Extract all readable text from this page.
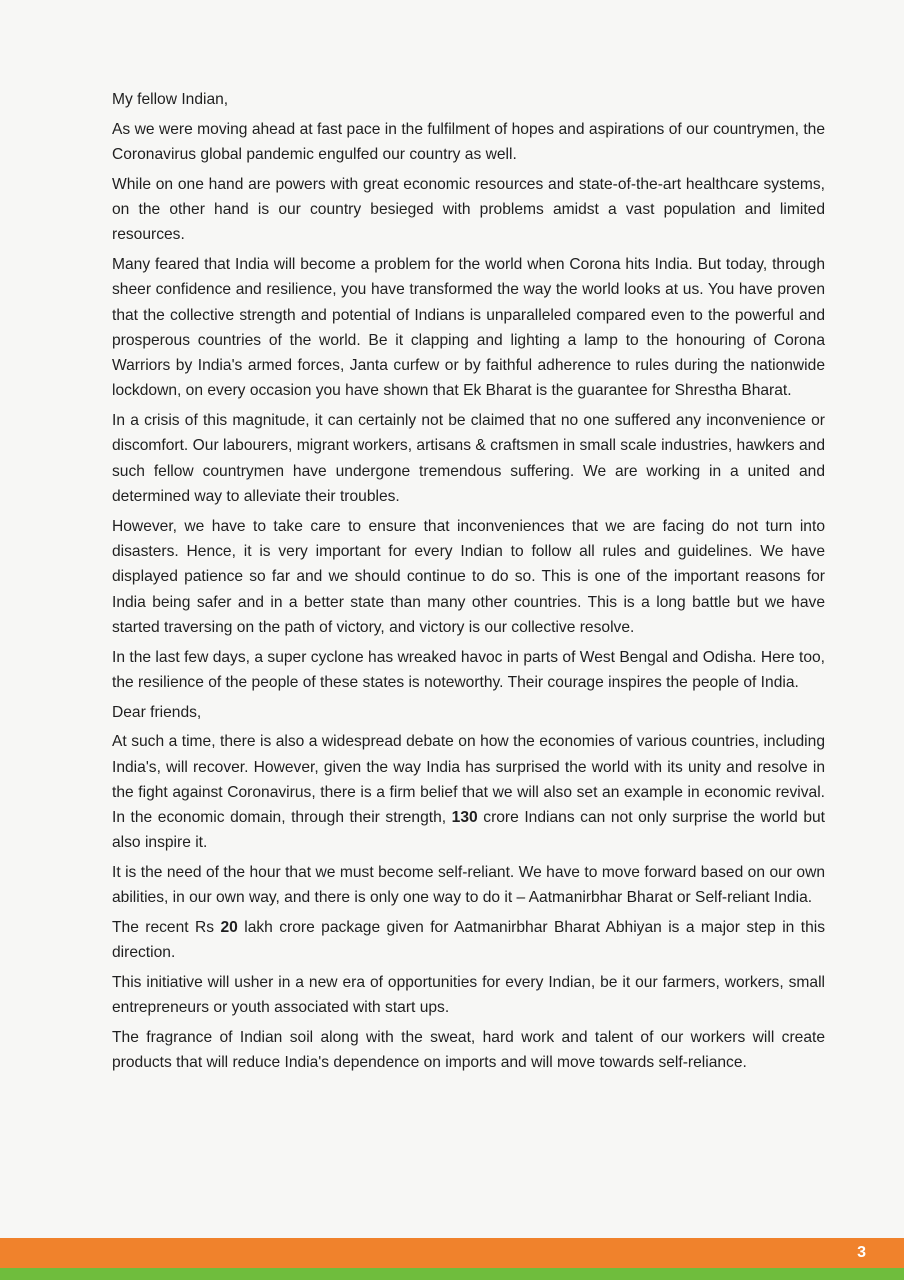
My fellow Indian,

As we were moving ahead at fast pace in the fulfilment of hopes and aspirations of our countrymen, the Coronavirus global pandemic engulfed our country as well.

While on one hand are powers with great economic resources and state-of-the-art healthcare systems, on the other hand is our country besieged with problems amidst a vast population and limited resources.

Many feared that India will become a problem for the world when Corona hits India. But today, through sheer confidence and resilience, you have transformed the way the world looks at us. You have proven that the collective strength and potential of Indians is unparalleled compared even to the powerful and prosperous countries of the world. Be it clapping and lighting a lamp to the honouring of Corona Warriors by India's armed forces, Janta curfew or by faithful adherence to rules during the nationwide lockdown, on every occasion you have shown that Ek Bharat is the guarantee for Shrestha Bharat.

In a crisis of this magnitude, it can certainly not be claimed that no one suffered any inconvenience or discomfort. Our labourers, migrant workers, artisans & craftsmen in small scale industries, hawkers and such fellow countrymen have undergone tremendous suffering. We are working in a united and determined way to alleviate their troubles.

However, we have to take care to ensure that inconveniences that we are facing do not turn into disasters. Hence, it is very important for every Indian to follow all rules and guidelines. We have displayed patience so far and we should continue to do so. This is one of the important reasons for India being safer and in a better state than many other countries. This is a long battle but we have started traversing on the path of victory, and victory is our collective resolve.

In the last few days, a super cyclone has wreaked havoc in parts of West Bengal and Odisha. Here too, the resilience of the people of these states is noteworthy. Their courage inspires the people of India.

Dear friends,

At such a time, there is also a widespread debate on how the economies of various countries, including India's, will recover. However, given the way India has surprised the world with its unity and resolve in the fight against Coronavirus, there is a firm belief that we will also set an example in economic revival. In the economic domain, through their strength, 130 crore Indians can not only surprise the world but also inspire it.

It is the need of the hour that we must become self-reliant. We have to move forward based on our own abilities, in our own way, and there is only one way to do it – Aatmanirbhar Bharat or Self-reliant India.

The recent Rs 20 lakh crore package given for Aatmanirbhar Bharat Abhiyan is a major step in this direction.

This initiative will usher in a new era of opportunities for every Indian, be it our farmers, workers, small entrepreneurs or youth associated with start ups.

The fragrance of Indian soil along with the sweat, hard work and talent of our workers will create products that will reduce India's dependence on imports and will move towards self-reliance.

3
